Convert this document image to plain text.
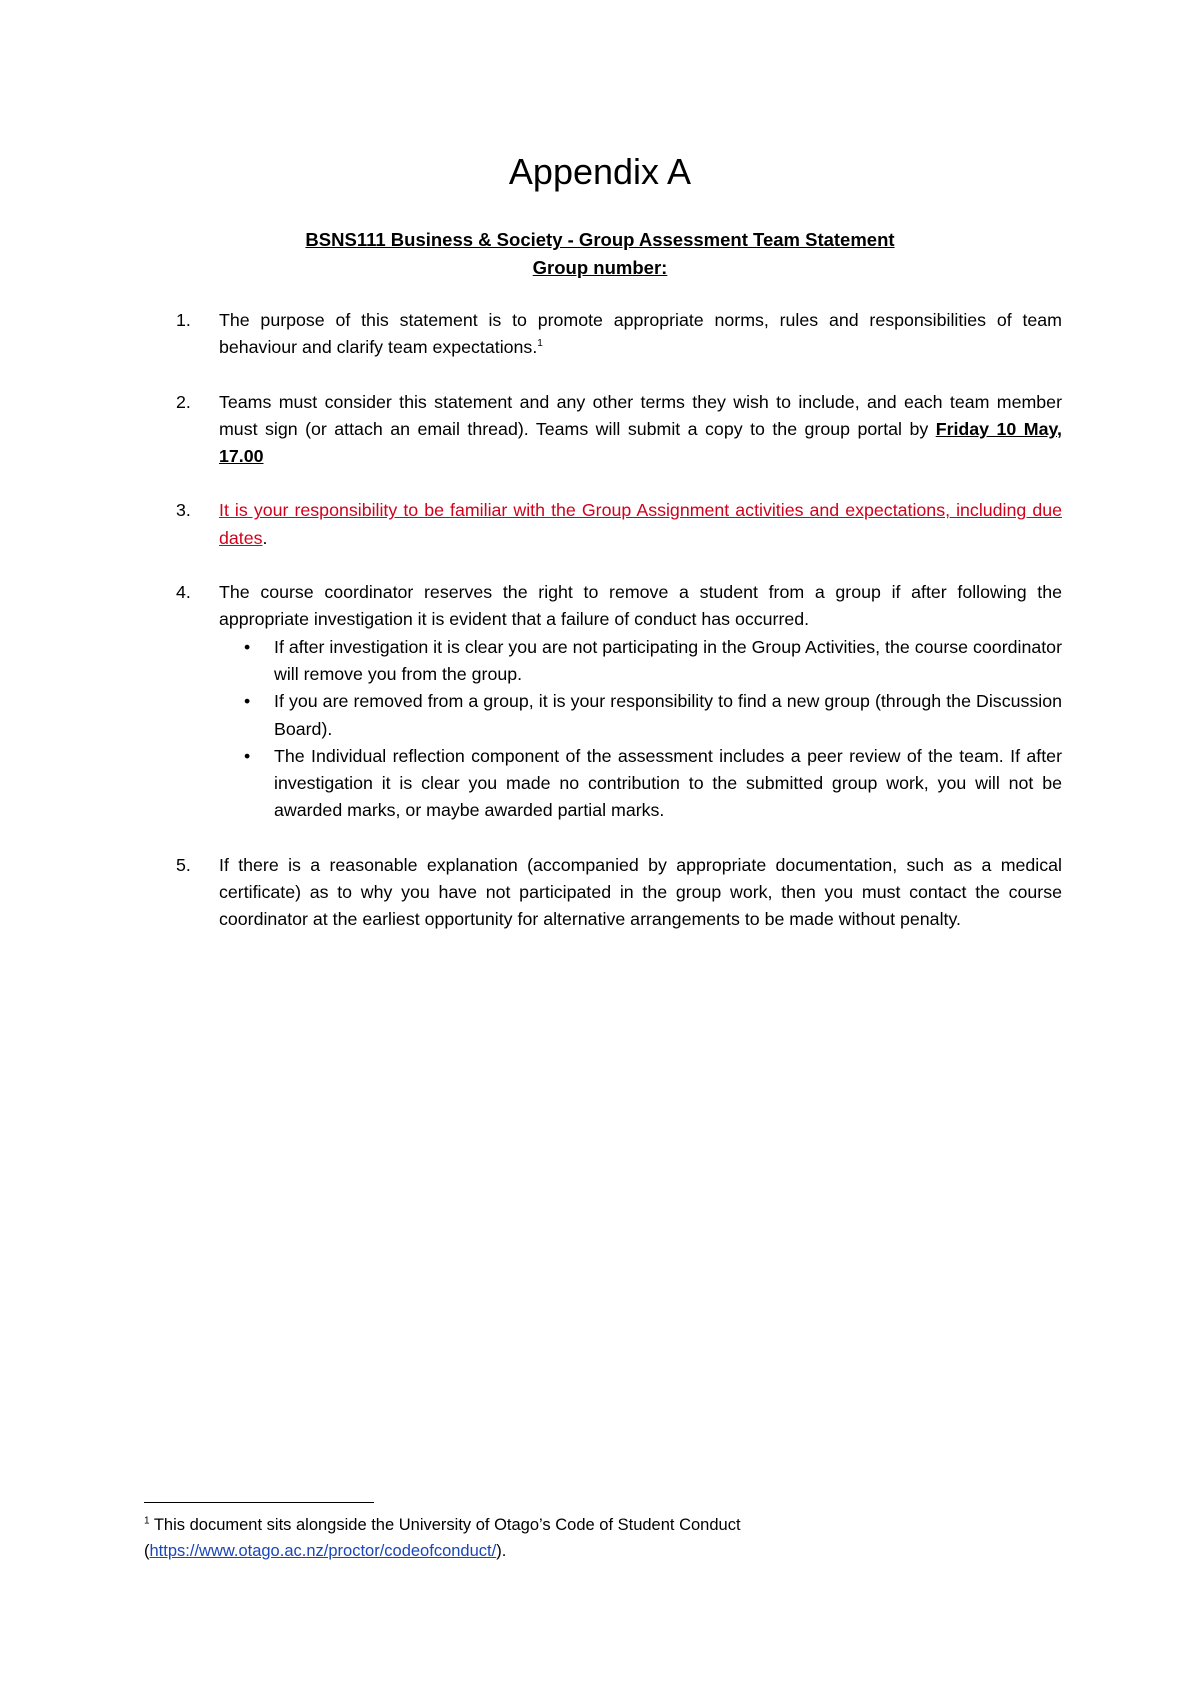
Appendix A
BSNS111 Business & Society - Group Assessment Team Statement
Group number:
1. The purpose of this statement is to promote appropriate norms, rules and responsibilities of team behaviour and clarify team expectations.$^1$
2. Teams must consider this statement and any other terms they wish to include, and each team member must sign (or attach an email thread). Teams will submit a copy to the group portal by Friday 10 May, 17.00
3. It is your responsibility to be familiar with the Group Assignment activities and expectations, including due dates.
4. The course coordinator reserves the right to remove a student from a group if after following the appropriate investigation it is evident that a failure of conduct has occurred.
• If after investigation it is clear you are not participating in the Group Activities, the course coordinator will remove you from the group.
• If you are removed from a group, it is your responsibility to find a new group (through the Discussion Board).
• The Individual reflection component of the assessment includes a peer review of the team. If after investigation it is clear you made no contribution to the submitted group work, you will not be awarded marks, or maybe awarded partial marks.
5. If there is a reasonable explanation (accompanied by appropriate documentation, such as a medical certificate) as to why you have not participated in the group work, then you must contact the course coordinator at the earliest opportunity for alternative arrangements to be made without penalty.
$^1$ This document sits alongside the University of Otago’s Code of Student Conduct
(https://www.otago.ac.nz/proctor/codeofconduct/).
